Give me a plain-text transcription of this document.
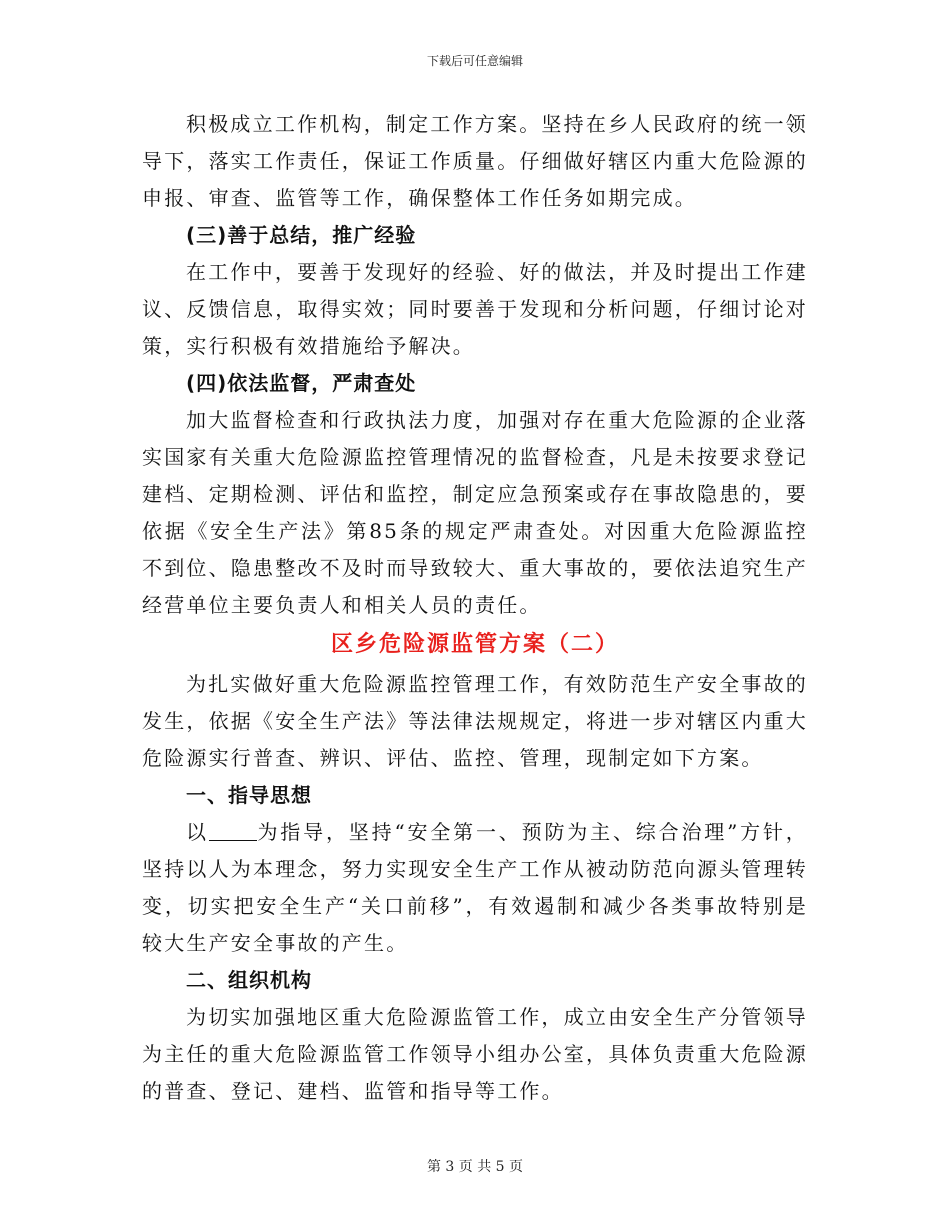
下载后可任意编辑

积极成立工作机构，制定工作方案。坚持在乡人民政府的统一领导下，落实工作责任，保证工作质量。仔细做好辖区内重大危险源的申报、审查、监管等工作，确保整体工作任务如期完成。

(三)善于总结，推广经验

在工作中，要善于发现好的经验、好的做法，并及时提出工作建议、反馈信息，取得实效；同时要善于发现和分析问题，仔细讨论对策，实行积极有效措施给予解决。

(四)依法监督，严肃查处

加大监督检查和行政执法力度，加强对存在重大危险源的企业落实国家有关重大危险源监控管理情况的监督检查，凡是未按要求登记建档、定期检测、评估和监控，制定应急预案或存在事故隐患的，要依据《安全生产法》第85条的规定严肃查处。对因重大危险源监控不到位、隐患整改不及时而导致较大、重大事故的，要依法追究生产经营单位主要负责人和相关人员的责任。

区乡危险源监管方案（二）

为扎实做好重大危险源监控管理工作，有效防范生产安全事故的发生，依据《安全生产法》等法律法规规定，将进一步对辖区内重大危险源实行普查、辨识、评估、监控、管理，现制定如下方案。

一、指导思想

以 为指导，坚持“安全第一、预防为主、综合治理”方针，坚持以人为本理念，努力实现安全生产工作从被动防范向源头管理转变，切实把安全生产“关口前移”，有效遏制和减少各类事故特别是较大生产安全事故的产生。

二、组织机构

为切实加强地区重大危险源监管工作，成立由安全生产分管领导为主任的重大危险源监管工作领导小组办公室，具体负责重大危险源的普查、登记、建档、监管和指导等工作。

第 3 页 共 5 页
